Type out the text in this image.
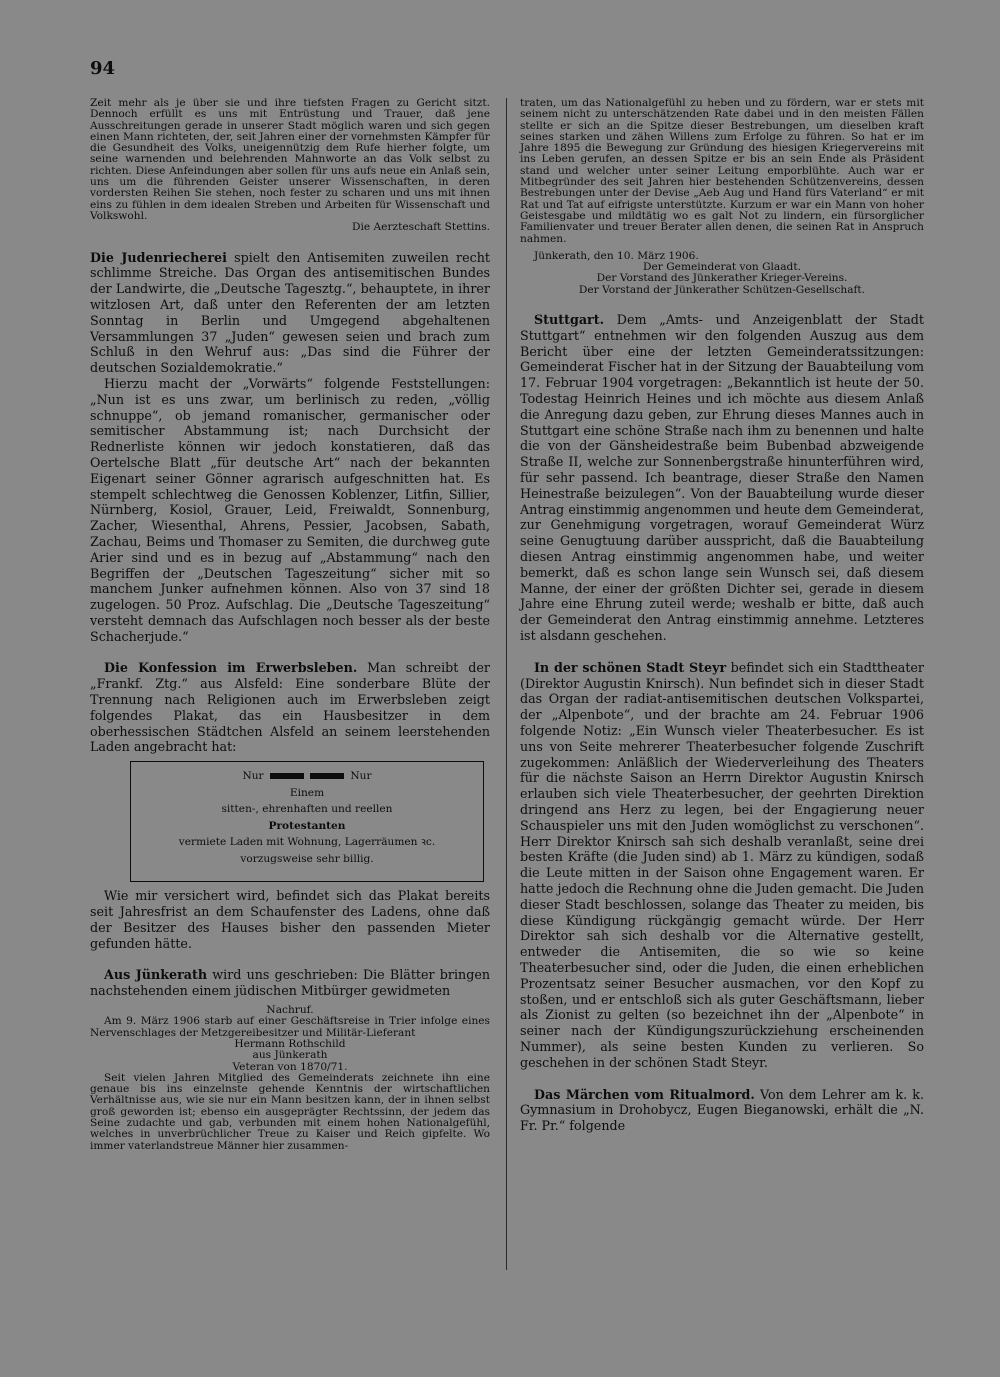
94

Zeit mehr als je über sie und ihre tiefsten Fragen zu Gericht sitzt. Dennoch erfüllt es uns mit Entrüstung und Trauer, daß jene Ausschreitungen gerade in unserer Stadt möglich waren und sich gegen einen Mann richteten, der, seit Jahren einer der vornehmsten Kämpfer für die Gesundheit des Volks, uneigennützig dem Rufe hierher folgte, um seine warnenden und belehrenden Mahnworte an das Volk selbst zu richten. Diese Anfeindungen aber sollen für uns aufs neue ein Anlaß sein, uns um die führenden Geister unserer Wissenschaften, in deren vordersten Reihen Sie stehen, noch fester zu scharen und uns mit ihnen eins zu fühlen in dem idealen Streben und Arbeiten für Wissenschaft und Volkswohl.

Die Aerzteschaft Stettins.

Die Judenriecherei spielt den Antisemiten zuweilen recht schlimme Streiche. Das Organ des antisemitischen Bundes der Landwirte, die „Deutsche Tagesztg.“, behauptete, in ihrer witzlosen Art, daß unter den Referenten der am letzten Sonntag in Berlin und Umgegend abgehaltenen Versammlungen 37 „Juden“ gewesen seien und brach zum Schluß in den Wehruf aus: „Das sind die Führer der deutschen Sozialdemokratie.“

Hierzu macht der „Vorwärts“ folgende Feststellungen: „Nun ist es uns zwar, um berlinisch zu reden, „völlig schnuppe“, ob jemand romanischer, germanischer oder semitischer Abstammung ist; nach Durchsicht der Rednerliste können wir jedoch konstatieren, daß das Oertelsche Blatt „für deutsche Art“ nach der bekannten Eigenart seiner Gönner agrarisch aufgeschnitten hat. Es stempelt schlechtweg die Genossen Koblenzer, Litfin, Sillier, Nürnberg, Kosiol, Grauer, Leid, Freiwaldt, Sonnenburg, Zacher, Wiesenthal, Ahrens, Pessier, Jacobsen, Sabath, Zachau, Beims und Thomaser zu Semiten, die durchweg gute Arier sind und es in bezug auf „Abstammung“ nach den Begriffen der „Deutschen Tageszeitung“ sicher mit so manchem Junker aufnehmen können. Also von 37 sind 18 zugelogen. 50 Proz. Aufschlag. Die „Deutsche Tageszeitung“ versteht demnach das Aufschlagen noch besser als der beste Schacherjude.“

Die Konfession im Erwerbsleben. Man schreibt der „Frankf. Ztg.“ aus Alsfeld: Eine sonderbare Blüte der Trennung nach Religionen auch im Erwerbsleben zeigt folgendes Plakat, das ein Hausbesitzer in dem oberhessischen Städtchen Alsfeld an seinem leerstehenden Laden angebracht hat:

Nur	Nur
Einem
sitten-, ehrenhaften und reellen
Protestanten
vermiete Laden mit Wohnung, Lagerräumen ꝛc.
vorzugsweise sehr billig.

Wie mir versichert wird, befindet sich das Plakat bereits seit Jahresfrist an dem Schaufenster des Ladens, ohne daß der Besitzer des Hauses bisher den passenden Mieter gefunden hätte.

Aus Jünkerath wird uns geschrieben: Die Blätter bringen nachstehenden einem jüdischen Mitbürger gewidmeten

Nachruf.

Am 9. März 1906 starb auf einer Geschäftsreise in Trier infolge eines Nervenschlages der Metzgereibesitzer und Militär-Lieferant

Hermann Rothschild

aus Jünkerath

Veteran von 1870/71.

Seit vielen Jahren Mitglied des Gemeinderats zeichnete ihn eine genaue bis ins einzelnste gehende Kenntnis der wirtschaftlichen Verhältnisse aus, wie sie nur ein Mann besitzen kann, der in ihnen selbst groß geworden ist; ebenso ein ausgeprägter Rechtssinn, der jedem das Seine zudachte und gab, verbunden mit einem hohen Nationalgefühl, welches in unverbrüchlicher Treue zu Kaiser und Reich gipfelte. Wo immer vaterlandstreue Männer hier zusammen-

traten, um das Nationalgefühl zu heben und zu fördern, war er stets mit seinem nicht zu unterschätzenden Rate dabei und in den meisten Fällen stellte er sich an die Spitze dieser Bestrebungen, um dieselben kraft seines starken und zähen Willens zum Erfolge zu führen. So hat er im Jahre 1895 die Bewegung zur Gründung des hiesigen Kriegervereins mit ins Leben gerufen, an dessen Spitze er bis an sein Ende als Präsident stand und welcher unter seiner Leitung emporblühte. Auch war er Mitbegründer des seit Jahren hier bestehenden Schützenvereins, dessen Bestrebungen unter der Devise „Aeb Aug und Hand fürs Vaterland“ er mit Rat und Tat auf eifrigste unterstützte. Kurzum er war ein Mann von hoher Geistesgabe und mildtätig wo es galt Not zu lindern, ein fürsorglicher Familienvater und treuer Berater allen denen, die seinen Rat in Anspruch nahmen.

Jünkerath, den 10. März 1906.

Der Gemeinderat von Glaadt.

Der Vorstand des Jünkerather Krieger-Vereins.

Der Vorstand der Jünkerather Schützen-Gesellschaft.

Stuttgart. Dem „Amts- und Anzeigenblatt der Stadt Stuttgart“ entnehmen wir den folgenden Auszug aus dem Bericht über eine der letzten Gemeinderatssitzungen: Gemeinderat Fischer hat in der Sitzung der Bauabteilung vom 17. Februar 1904 vorgetragen: „Bekanntlich ist heute der 50. Todestag Heinrich Heines und ich möchte aus diesem Anlaß die Anregung dazu geben, zur Ehrung dieses Mannes auch in Stuttgart eine schöne Straße nach ihm zu benennen und halte die von der Gänsheidestraße beim Bubenbad abzweigende Straße II, welche zur Sonnenbergstraße hinunterführen wird, für sehr passend. Ich beantrage, dieser Straße den Namen Heinestraße beizulegen“. Von der Bauabteilung wurde dieser Antrag einstimmig angenommen und heute dem Gemeinderat, zur Genehmigung vorgetragen, worauf Gemeinderat Würz seine Genugtuung darüber ausspricht, daß die Bauabteilung diesen Antrag einstimmig angenommen habe, und weiter bemerkt, daß es schon lange sein Wunsch sei, daß diesem Manne, der einer der größten Dichter sei, gerade in diesem Jahre eine Ehrung zuteil werde; weshalb er bitte, daß auch der Gemeinderat den Antrag einstimmig annehme. Letzteres ist alsdann geschehen.

In der schönen Stadt Steyr befindet sich ein Stadttheater (Direktor Augustin Knirsch). Nun befindet sich in dieser Stadt das Organ der radiat-antisemitischen deutschen Volkspartei, der „Alpenbote“, und der brachte am 24. Februar 1906 folgende Notiz: „Ein Wunsch vieler Theaterbesucher. Es ist uns von Seite mehrerer Theaterbesucher folgende Zuschrift zugekommen: Anläßlich der Wiederverleihung des Theaters für die nächste Saison an Herrn Direktor Augustin Knirsch erlauben sich viele Theaterbesucher, der geehrten Direktion dringend ans Herz zu legen, bei der Engagierung neuer Schauspieler uns mit den Juden womöglichst zu verschonen“. Herr Direktor Knirsch sah sich deshalb veranlaßt, seine drei besten Kräfte (die Juden sind) ab 1. März zu kündigen, sodaß die Leute mitten in der Saison ohne Engagement waren. Er hatte jedoch die Rechnung ohne die Juden gemacht. Die Juden dieser Stadt beschlossen, solange das Theater zu meiden, bis diese Kündigung rückgängig gemacht würde. Der Herr Direktor sah sich deshalb vor die Alternative gestellt, entweder die Antisemiten, die so wie so keine Theaterbesucher sind, oder die Juden, die einen erheblichen Prozentsatz seiner Besucher ausmachen, vor den Kopf zu stoßen, und er entschloß sich als guter Geschäftsmann, lieber als Zionist zu gelten (so bezeichnet ihn der „Alpenbote“ in seiner nach der Kündigungszurückziehung erscheinenden Nummer), als seine besten Kunden zu verlieren. So geschehen in der schönen Stadt Steyr.

Das Märchen vom Ritualmord. Von dem Lehrer am k. k. Gymnasium in Drohobycz, Eugen Bieganowski, erhält die „N. Fr. Pr.“ folgende
